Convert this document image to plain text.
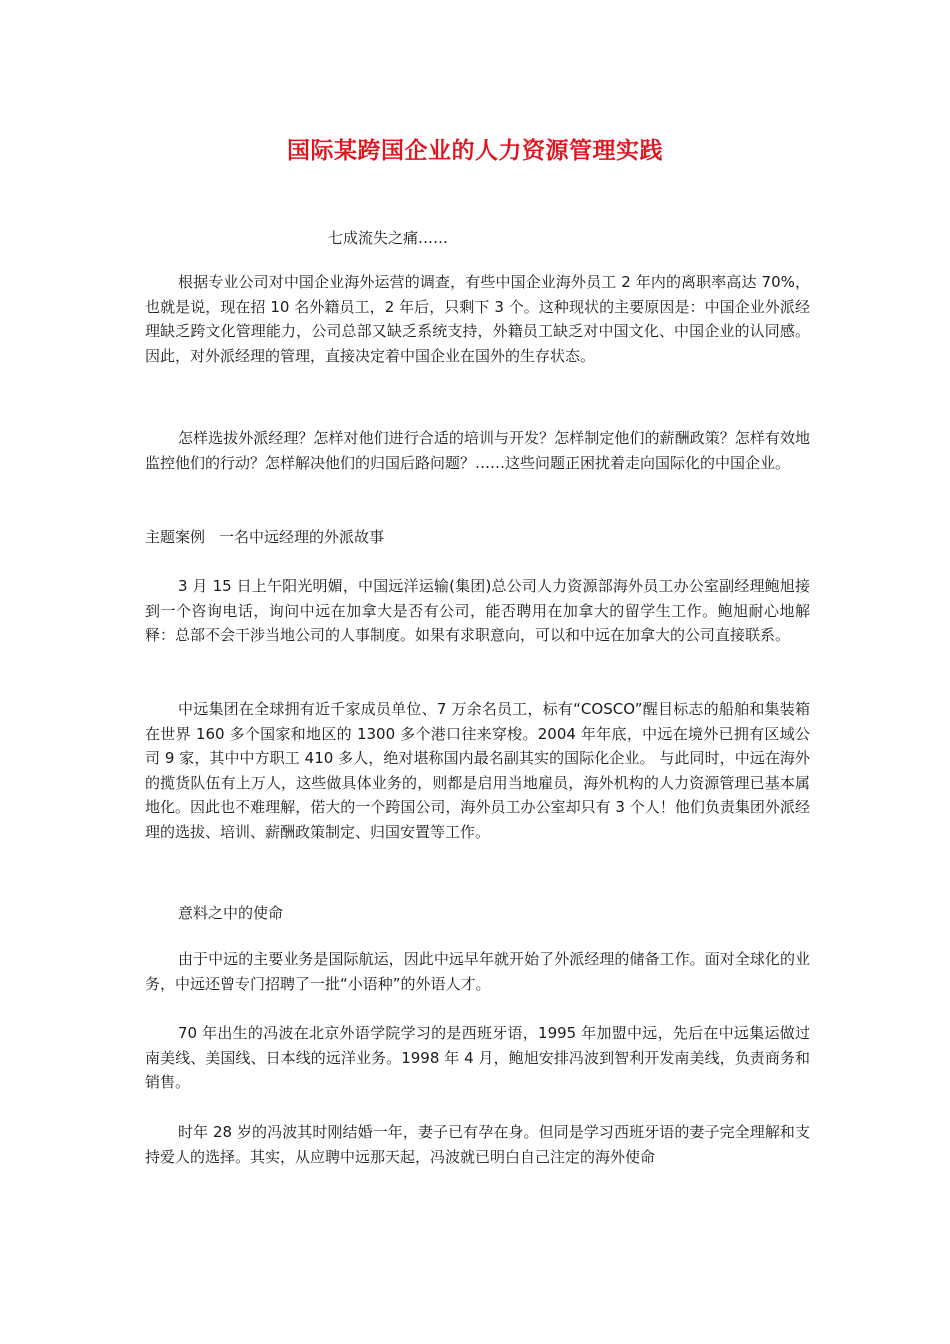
国际某跨国企业的人力资源管理实践
七成流失之痛……

根据专业公司对中国企业海外运营的调查，有些中国企业海外员工 2 年内的离职率高达 70%，也就是说，现在招 10 名外籍员工，2 年后，只剩下 3 个。这种现状的主要原因是：中国企业外派经理缺乏跨文化管理能力，公司总部又缺乏系统支持，外籍员工缺乏对中国文化、中国企业的认同感。因此，对外派经理的管理，直接决定着中国企业在国外的生存状态。

怎样选拔外派经理？怎样对他们进行合适的培训与开发？怎样制定他们的薪酬政策？怎样有效地监控他们的行动？怎样解决他们的归国后路问题？……这些问题正困扰着走向国际化的中国企业。

主题案例 一名中远经理的外派故事

3 月 15 日上午阳光明媚，中国远洋运输(集团)总公司人力资源部海外员工办公室副经理鲍旭接到一个咨询电话，询问中远在加拿大是否有公司，能否聘用在加拿大的留学生工作。鲍旭耐心地解释：总部不会干涉当地公司的人事制度。如果有求职意向，可以和中远在加拿大的公司直接联系。

中远集团在全球拥有近千家成员单位、7 万余名员工，标有“COSCO”醒目标志的船舶和集装箱在世界 160 多个国家和地区的 1300 多个港口往来穿梭。2004 年年底，中远在境外已拥有区域公司 9 家，其中中方职工 410 多人，绝对堪称国内最名副其实的国际化企业。 与此同时，中远在海外的揽货队伍有上万人，这些做具体业务的，则都是启用当地雇员，海外机构的人力资源管理已基本属地化。因此也不难理解，偌大的一个跨国公司，海外员工办公室却只有 3 个人！他们负责集团外派经理的选拔、培训、薪酬政策制定、归国安置等工作。

意料之中的使命

由于中远的主要业务是国际航运，因此中远早年就开始了外派经理的储备工作。面对全球化的业务，中远还曾专门招聘了一批“小语种”的外语人才。

70 年出生的冯波在北京外语学院学习的是西班牙语，1995 年加盟中远，先后在中远集运做过南美线、美国线、日本线的远洋业务。1998 年 4 月，鲍旭安排冯波到智利开发南美线，负责商务和销售。

时年 28 岁的冯波其时刚结婚一年，妻子已有孕在身。但同是学习西班牙语的妻子完全理解和支持爱人的选择。其实，从应聘中远那天起，冯波就已明白自己注定的海外使命
